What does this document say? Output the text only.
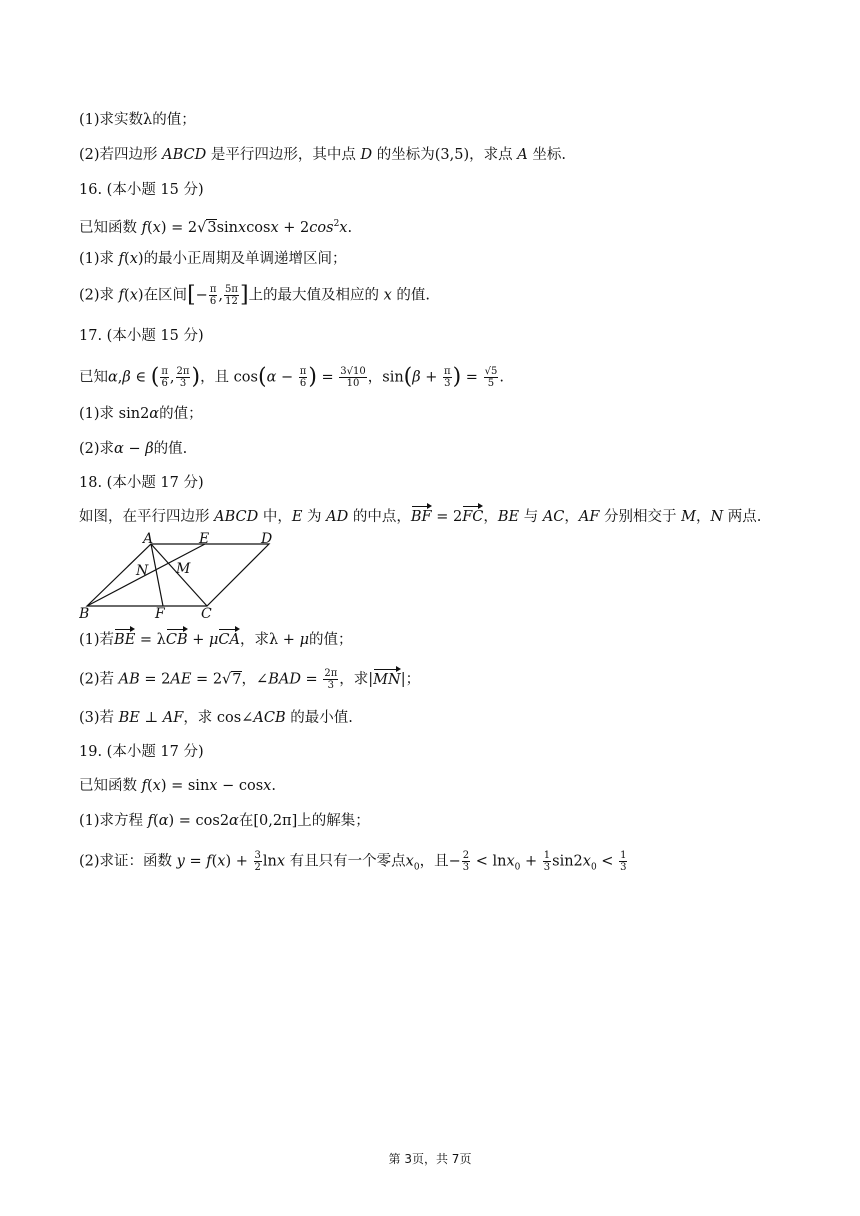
(1)求实数λ的值；
(2)若四边形 ABCD 是平行四边形，其中点 D 的坐标为(3,5)，求点 A 坐标.
16. (本小题 15 分)
已知函数 f(x) = 2√3sinxcosx + $2\cos^2x$.
(1)求 f(x)的最小正周期及单调递增区间；
(2)求 f(x)在区间[− $\frac{\pi}{6}$ , $\frac{5\pi}{12}$ ]上的最大值及相应的 x 的值.
17. (本小题 15 分)
已知α,β ∈ ( $\frac{\pi}{6}$ , $\frac{2\pi}{3}$ )，且 $\cos(\alpha - \frac{\pi}{6}$ ) = $\frac{3√10}{10}$ ，$\sin(\beta + \frac{\pi}{3}$ ) = $\frac{√5}{5}$ .
(1)求 sin2α的值；
(2)求α − β的值.
18. (本小题 17 分)
如图，在平行四边形 ABCD 中，E 为 AD 的中点，BF = 2FC，BE 与 AC，AF 分别相交于 M，N 两点.
A	E	D
N M
B	F	C
(1)若BE = λCB + μCA，求λ + μ的值；
(2)若 AB = 2AE = 2√7，∠BAD = $\frac{2\pi}{3}$ ，求|MN|；
(3)若 BE ⊥ AF，求 cos∠ACB 的最小值.
19. (本小题 17 分)
已知函数 f(x) = sinx − cosx.
(1)求方程 f(α) = cos2α在[0,2π]上的解集；
(2)求证：函数 $y = f(x) + \frac{3}{2}$ lnx 有且只有一个零点$x_0$，且− $\frac{2}{3} < \ln x_0 + \frac{1}{3} \sin 2x_0 < \frac{1}{3}$
第 3页，共 7页
